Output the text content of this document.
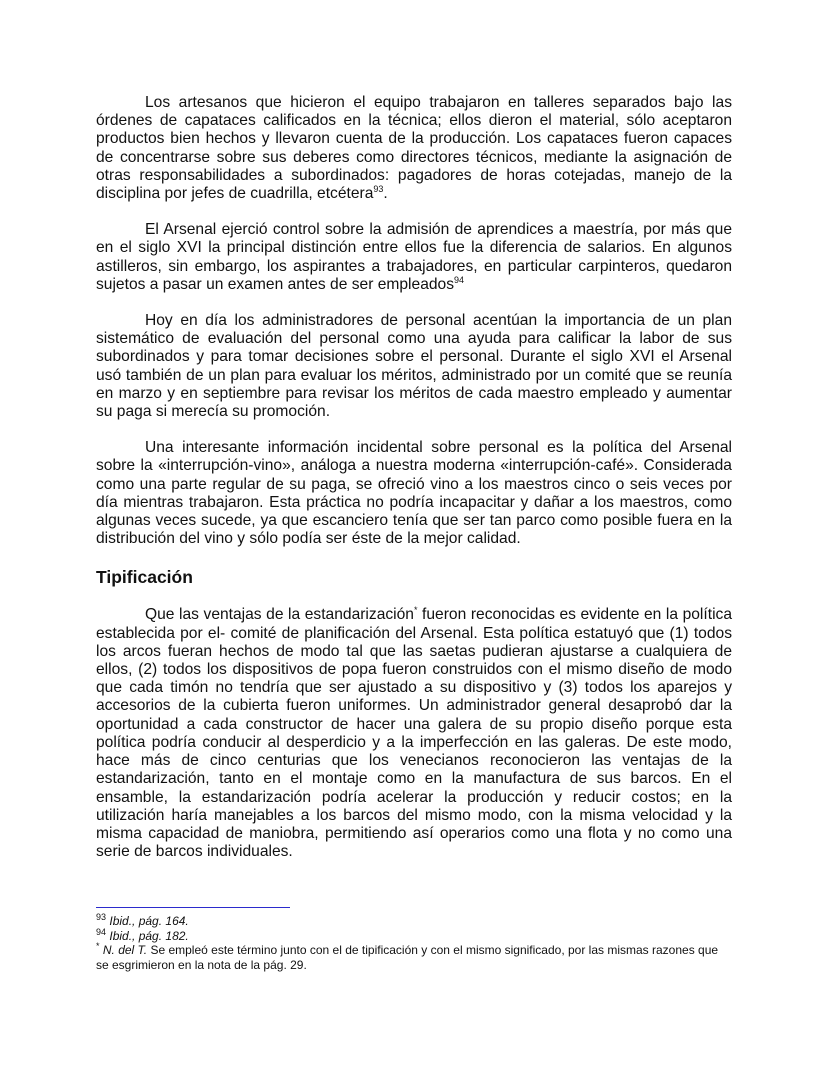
Los artesanos que hicieron el equipo trabajaron en talleres separados bajo las órdenes de capataces calificados en la técnica; ellos dieron el material, sólo aceptaron productos bien hechos y llevaron cuenta de la producción. Los capataces fueron capaces de concentrarse sobre sus deberes como directores técnicos, mediante la asignación de otras responsabilidades a subordinados: pagadores de horas cotejadas, manejo de la disciplina por jefes de cuadrilla, etcétera$^{93}$.

El Arsenal ejerció control sobre la admisión de aprendices a maestría, por más que en el siglo XVI la principal distinción entre ellos fue la diferencia de salarios. En algunos astilleros, sin embargo, los aspirantes a trabajadores, en particular carpinteros, quedaron sujetos a pasar un examen antes de ser empleados$^{94}$

Hoy en día los administradores de personal acentúan la importancia de un plan sistemático de evaluación del personal como una ayuda para calificar la labor de sus subordinados y para tomar decisiones sobre el personal. Durante el siglo XVI el Arsenal usó también de un plan para evaluar los méritos, administrado por un comité que se reunía en marzo y en septiembre para revisar los méritos de cada maestro empleado y aumentar su paga si merecía su promoción.

Una interesante información incidental sobre personal es la política del Arsenal sobre la «interrupción-vino», análoga a nuestra moderna «interrupción-café». Considerada como una parte regular de su paga, se ofreció vino a los maestros cinco o seis veces por día mientras trabajaron. Esta práctica no podría incapacitar y dañar a los maestros, como algunas veces sucede, ya que escanciero tenía que ser tan parco como posible fuera en la distribución del vino y sólo podía ser éste de la mejor calidad.

Tipificación

Que las ventajas de la estandarización* fueron reconocidas es evidente en la política establecida por el- comité de planificación del Arsenal. Esta política estatuyó que (1) todos los arcos fueran hechos de modo tal que las saetas pudieran ajustarse a cualquiera de ellos, (2) todos los dispositivos de popa fueron construidos con el mismo diseño de modo que cada timón no tendría que ser ajustado a su dispositivo y (3) todos los aparejos y accesorios de la cubierta fueron uniformes. Un administrador general desaprobó dar la oportunidad a cada constructor de hacer una galera de su propio diseño porque esta política podría conducir al desperdicio y a la imperfección en las galeras. De este modo, hace más de cinco centurias que los venecianos reconocieron las ventajas de la estandarización, tanto en el montaje como en la manufactura de sus barcos. En el ensamble, la estandarización podría acelerar la producción y reducir costos; en la utilización haría manejables a los barcos del mismo modo, con la misma velocidad y la misma capacidad de maniobra, permitiendo así operarios como una flota y no como una serie de barcos individuales.

$^{93}$ Ibid., pág. 164.

$^{94}$ Ibid., pág. 182.

* N. del T. Se empleó este término junto con el de tipificación y con el mismo significado, por las mismas razones que se esgrimieron en la nota de la pág. 29.
